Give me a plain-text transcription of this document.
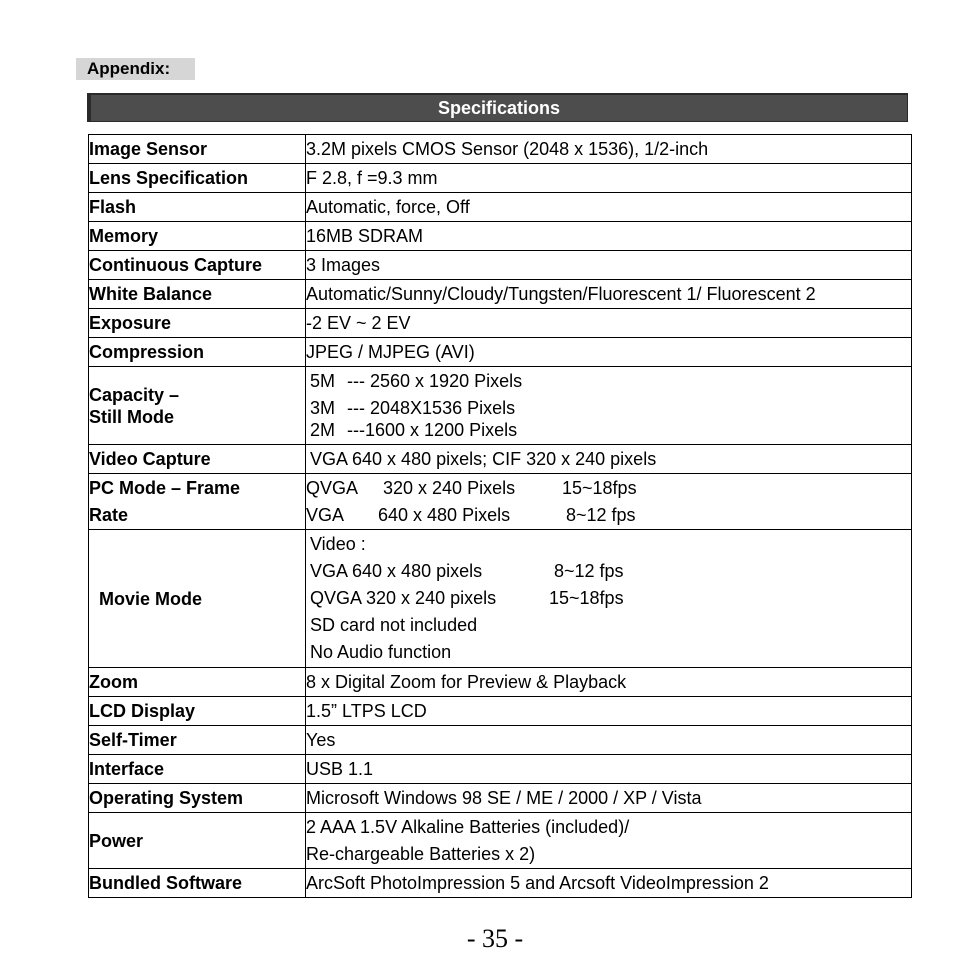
Appendix:
Specifications
Image Sensor	3.2M pixels CMOS Sensor (2048 x 1536), 1/2-inch
Lens Specification	F 2.8, f =9.3 mm
Flash	Automatic, force, Off
Memory	16MB SDRAM
Continuous Capture	3 Images
White Balance	Automatic/Sunny/Cloudy/Tungsten/Fluorescent 1/ Fluorescent 2
Exposure	-2 EV ~ 2 EV
Compression	JPEG / MJPEG (AVI)

Capacity –
Still Mode	5M --- 2560 x 1920 Pixels
3M --- 2048X1536 Pixels
2M ---1600 x 1200 Pixels

Video Capture	VGA 640 x 480 pixels; CIF 320 x 240 pixels

PC Mode – Frame
Rate	QVGA 320 x 240 Pixels 15~18fps
VGA 640 x 480 Pixels 8~12 fps

Movie Mode	Video :
VGA 640 x 480 pixels 8~12 fps
QVGA 320 x 240 pixels 15~18fps
SD card not included
No Audio function

Zoom	8 x Digital Zoom for Preview & Playback
LCD Display	1.5” LTPS LCD
Self-Timer	Yes
Interface	USB 1.1
Operating System	Microsoft Windows 98 SE / ME / 2000 / XP / Vista
Power	2 AAA 1.5V Alkaline Batteries (included)/
Re-chargeable Batteries x 2)

Bundled Software	ArcSoft PhotoImpression 5 and Arcsoft VideoImpression 2
- 35 -
